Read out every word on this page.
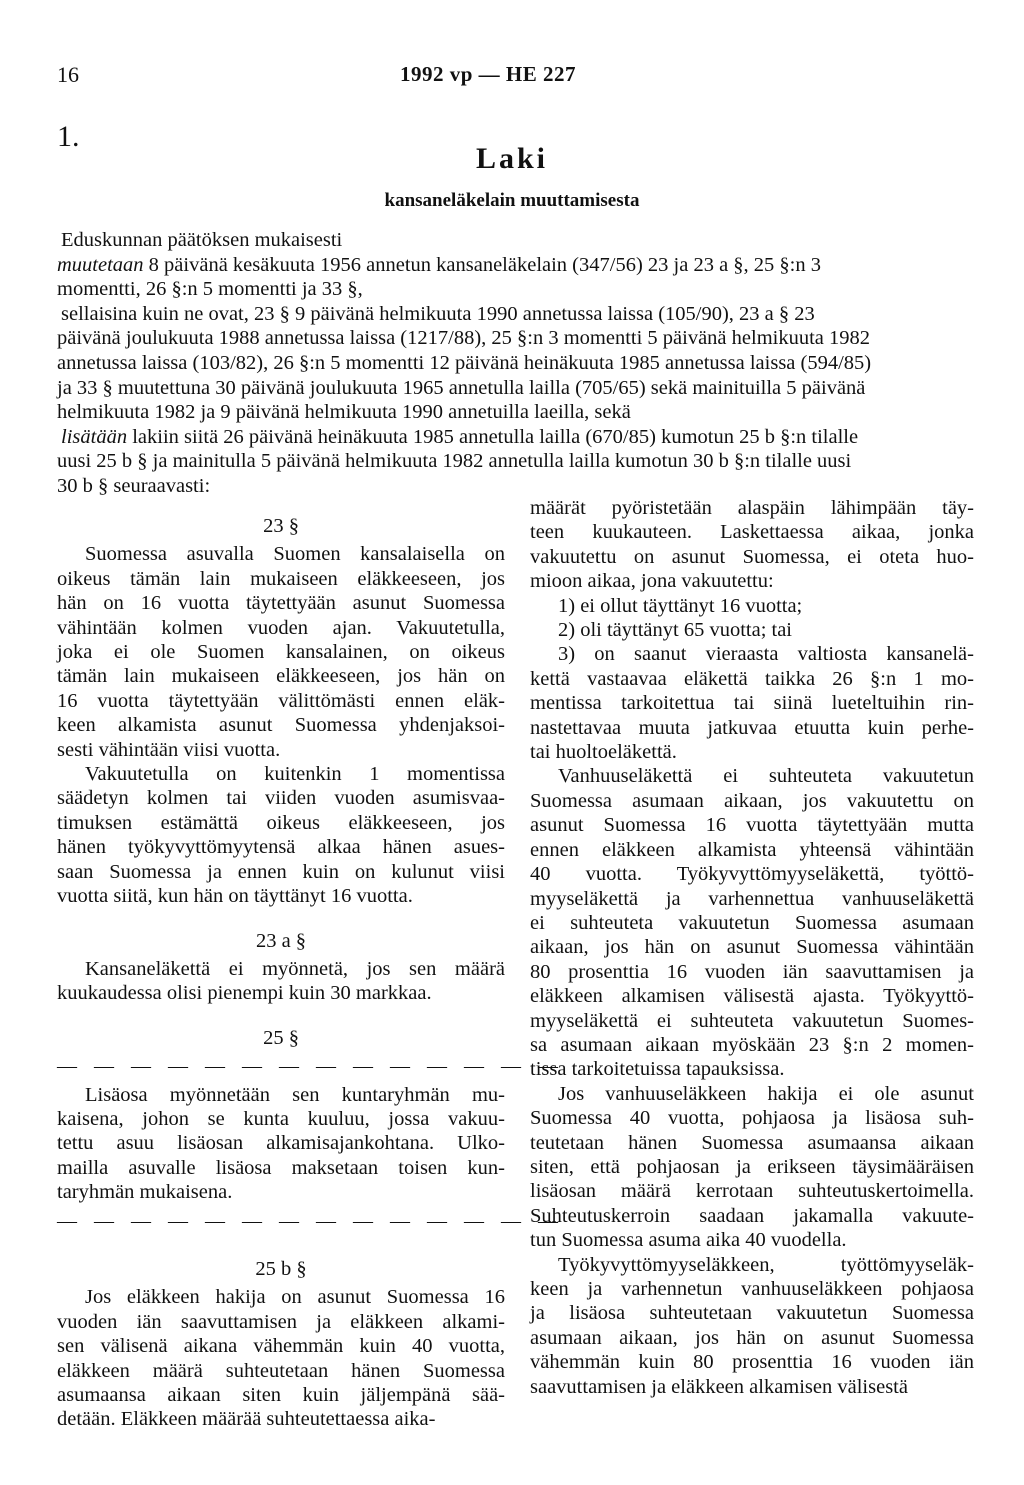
16	1992 vp — HE 227
1.
Laki
kansaneläkelain muuttamisesta
Eduskunnan päätöksen mukaisesti
muutetaan 8 päivänä kesäkuuta 1956 annetun kansaneläkelain (347/56) 23 ja 23 a §, 25 §:n 3
momentti, 26 §:n 5 momentti ja 33 §,
sellaisina kuin ne ovat, 23 § 9 päivänä helmikuuta 1990 annetussa laissa (105/90), 23 a § 23
päivänä joulukuuta 1988 annetussa laissa (1217/88), 25 §:n 3 momentti 5 päivänä helmikuuta 1982
annetussa laissa (103/82), 26 §:n 5 momentti 12 päivänä heinäkuuta 1985 annetussa laissa (594/85)
ja 33 § muutettuna 30 päivänä joulukuuta 1965 annetulla lailla (705/65) sekä mainituilla 5 päivänä
helmikuuta 1982 ja 9 päivänä helmikuuta 1990 annetuilla laeilla, sekä
lisätään lakiin siitä 26 päivänä heinäkuuta 1985 annetulla lailla (670/85) kumotun 25 b §:n tilalle
uusi 25 b § ja mainitulla 5 päivänä helmikuuta 1982 annetulla lailla kumotun 30 b §:n tilalle uusi
30 b § seuraavasti:
23 §
Suomessa asuvalla Suomen kansalaisella on
oikeus tämän lain mukaiseen eläkkeeseen, jos
hän on 16 vuotta täytettyään asunut Suomessa
vähintään kolmen vuoden ajan. Vakuutetulla,
joka ei ole Suomen kansalainen, on oikeus
tämän lain mukaiseen eläkkeeseen, jos hän on
16 vuotta täytettyään välittömästi ennen eläk-
keen alkamista asunut Suomessa yhdenjaksoi-
sesti vähintään viisi vuotta.
Vakuutetulla on kuitenkin 1 momentissa
säädetyn kolmen tai viiden vuoden asumisvaa-
timuksen estämättä oikeus eläkkeeseen, jos
hänen työkyvyttömyytensä alkaa hänen asues-
saan Suomessa ja ennen kuin on kulunut viisi
vuotta siitä, kun hän on täyttänyt 16 vuotta.
23 a §
Kansaneläkettä ei myönnetä, jos sen määrä
kuukaudessa olisi pienempi kuin 30 markkaa.
25 §
— — — — — — — — — — — — — —
Lisäosa myönnetään sen kuntaryhmän mu-
kaisena, johon se kunta kuuluu, jossa vakuu-
tettu asuu lisäosan alkamisajankohtana. Ulko-
mailla asuvalle lisäosa maksetaan toisen kun-
taryhmän mukaisena.
— — — — — — — — — — — — — —
25 b §
Jos eläkkeen hakija on asunut Suomessa 16
vuoden iän saavuttamisen ja eläkkeen alkami-
sen välisenä aikana vähemmän kuin 40 vuotta,
eläkkeen määrä suhteutetaan hänen Suomessa
asumaansa aikaan siten kuin jäljempänä sää-
detään. Eläkkeen määrää suhteutettaessa aika-
määrät pyöristetään alaspäin lähimpään täy-
teen kuukauteen. Laskettaessa aikaa, jonka
vakuutettu on asunut Suomessa, ei oteta huo-
mioon aikaa, jona vakuutettu:
1) ei ollut täyttänyt 16 vuotta;
2) oli täyttänyt 65 vuotta; tai
3) on saanut vieraasta valtiosta kansanelä-
kettä vastaavaa eläkettä taikka 26 §:n 1 mo-
mentissa tarkoitettua tai siinä lueteltuihin rin-
nastettavaa muuta jatkuvaa etuutta kuin perhe-
tai huoltoeläkettä.
Vanhuuseläkettä ei suhteuteta vakuutetun
Suomessa asumaan aikaan, jos vakuutettu on
asunut Suomessa 16 vuotta täytettyään mutta
ennen eläkkeen alkamista yhteensä vähintään
40 vuotta. Työkyvyttömyyseläkettä, työttö-
myyseläkettä ja varhennettua vanhuuseläkettä
ei suhteuteta vakuutetun Suomessa asumaan
aikaan, jos hän on asunut Suomessa vähintään
80 prosenttia 16 vuoden iän saavuttamisen ja
eläkkeen alkamisen välisestä ajasta. Työkyyttö-
myyseläkettä ei suhteuteta vakuutetun Suomes-
sa asumaan aikaan myöskään 23 §:n 2 momen-
tissa tarkoitetuissa tapauksissa.
Jos vanhuuseläkkeen hakija ei ole asunut
Suomessa 40 vuotta, pohjaosa ja lisäosa suh-
teutetaan hänen Suomessa asumaansa aikaan
siten, että pohjaosan ja erikseen täysimääräisen
lisäosan määrä kerrotaan suhteutuskertoimella.
Suhteutuskerroin saadaan jakamalla vakuute-
tun Suomessa asuma aika 40 vuodella.
Työkyvyttömyyseläkkeen, työttömyyseläk-
keen ja varhennetun vanhuuseläkkeen pohjaosa
ja lisäosa suhteutetaan vakuutetun Suomessa
asumaan aikaan, jos hän on asunut Suomessa
vähemmän kuin 80 prosenttia 16 vuoden iän
saavuttamisen ja eläkkeen alkamisen välisestä
